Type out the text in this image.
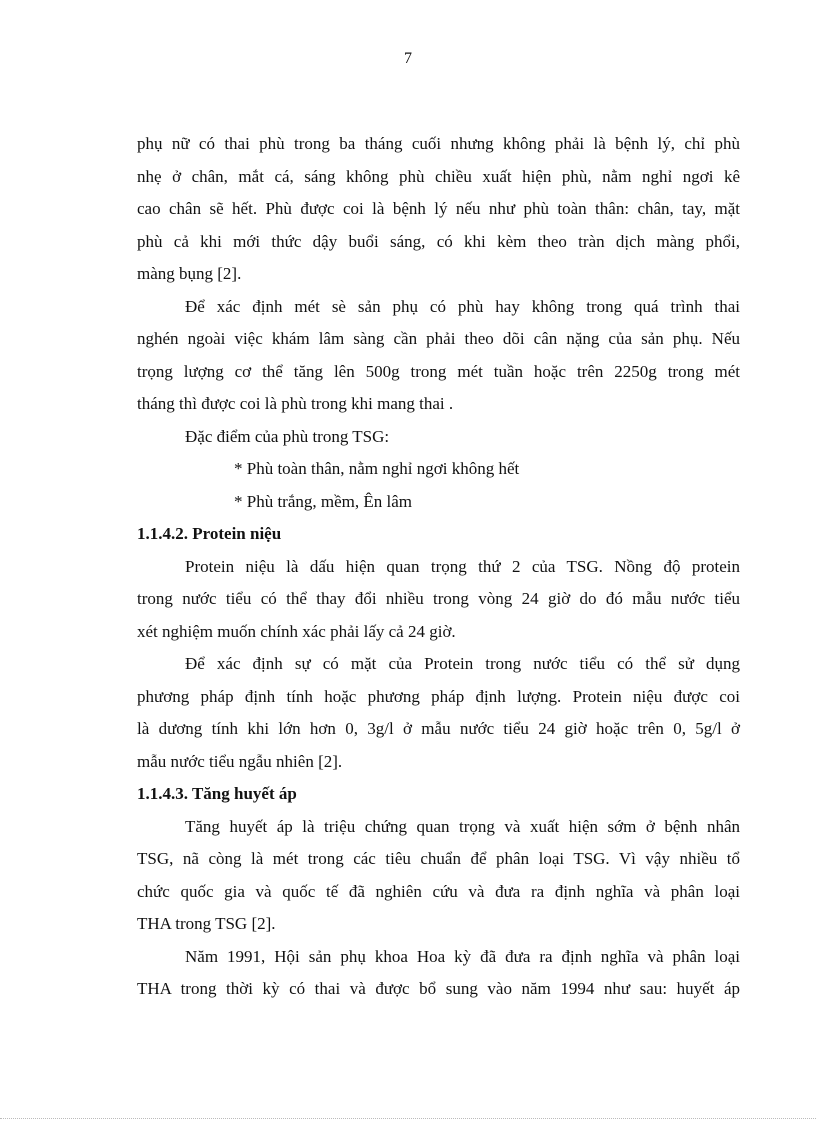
7

phụ nữ có thai phù trong ba tháng cuối nhưng không phải là bệnh lý, chỉ phù

nhẹ ở chân, mắt cá, sáng không phù chiều xuất hiện phù, nằm nghỉ ngơi kê

cao chân sẽ hết. Phù được coi là bệnh lý nếu như phù toàn thân: chân, tay, mặt

phù cả khi mới thức dậy buổi sáng, có khi kèm theo tràn dịch màng phổi,

màng bụng [2].

Để xác định mét sè sản phụ có phù hay không trong quá trình thai

nghén ngoài việc khám lâm sàng cần phải theo dõi cân nặng của sản phụ. Nếu

trọng lượng cơ thể tăng lên 500g trong mét tuần hoặc trên 2250g trong mét

tháng thì được coi là phù trong khi mang thai .

Đặc điểm của phù trong TSG:

* Phù toàn thân, nằm nghỉ ngơi không hết

* Phù trắng, mềm, Ên lâm

1.1.4.2. Protein niệu

Protein niệu là dấu hiện quan trọng thứ 2 của TSG. Nồng độ protein

trong nước tiểu có thể thay đổi nhiều trong vòng 24 giờ do đó mẫu nước tiểu

xét nghiệm muốn chính xác phải lấy cả 24 giờ.

Để xác định sự có mặt của Protein trong nước tiểu có thể sử dụng

phương pháp định tính hoặc phương pháp định lượng. Protein niệu được coi

là dương tính khi lớn hơn 0, 3g/l ở mẫu nước tiểu 24 giờ hoặc trên 0, 5g/l ở

mẫu nước tiểu ngẫu nhiên [2].

1.1.4.3. Tăng huyết áp

Tăng huyết áp là triệu chứng quan trọng và xuất hiện sớm ở bệnh nhân

TSG, nã còng là mét trong các tiêu chuẩn để phân loại TSG. Vì vậy nhiều tổ

chức quốc gia và quốc tế đã nghiên cứu và đưa ra định nghĩa và phân loại

THA trong TSG [2].

Năm 1991, Hội sản phụ khoa Hoa kỳ đã đưa ra định nghĩa và phân loại

THA trong thời kỳ có thai và được bổ sung vào năm 1994 như sau: huyết áp
